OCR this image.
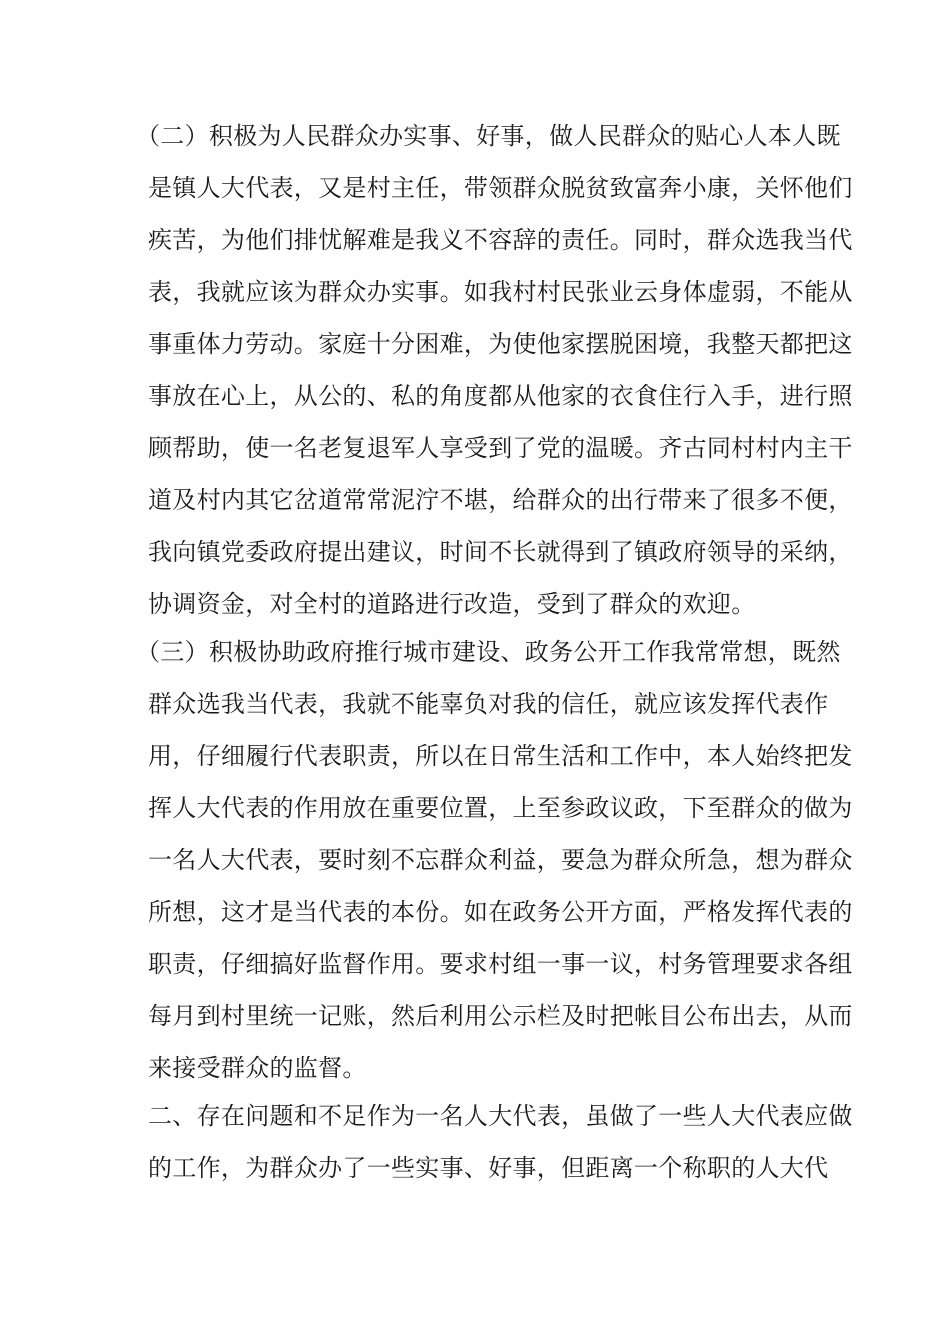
（二）积极为人民群众办实事、好事，做人民群众的贴心人本人既
是镇人大代表，又是村主任，带领群众脱贫致富奔小康，关怀他们
疾苦，为他们排忧解难是我义不容辞的责任。同时，群众选我当代
表，我就应该为群众办实事。如我村村民张业云身体虚弱，不能从
事重体力劳动。家庭十分困难，为使他家摆脱困境，我整天都把这
事放在心上，从公的、私的角度都从他家的衣食住行入手，进行照
顾帮助，使一名老复退军人享受到了党的温暖。齐古同村村内主干
道及村内其它岔道常常泥泞不堪，给群众的出行带来了很多不便，
我向镇党委政府提出建议，时间不长就得到了镇政府领导的采纳，
协调资金，对全村的道路进行改造，受到了群众的欢迎。
（三）积极协助政府推行城市建设、政务公开工作我常常想，既然
群众选我当代表，我就不能辜负对我的信任，就应该发挥代表作
用，仔细履行代表职责，所以在日常生活和工作中，本人始终把发
挥人大代表的作用放在重要位置，上至参政议政，下至群众的做为
一名人大代表，要时刻不忘群众利益，要急为群众所急，想为群众
所想，这才是当代表的本份。如在政务公开方面，严格发挥代表的
职责，仔细搞好监督作用。要求村组一事一议，村务管理要求各组
每月到村里统一记账，然后利用公示栏及时把帐目公布出去，从而
来接受群众的监督。
二、存在问题和不足作为一名人大代表，虽做了一些人大代表应做
的工作，为群众办了一些实事、好事，但距离一个称职的人大代
